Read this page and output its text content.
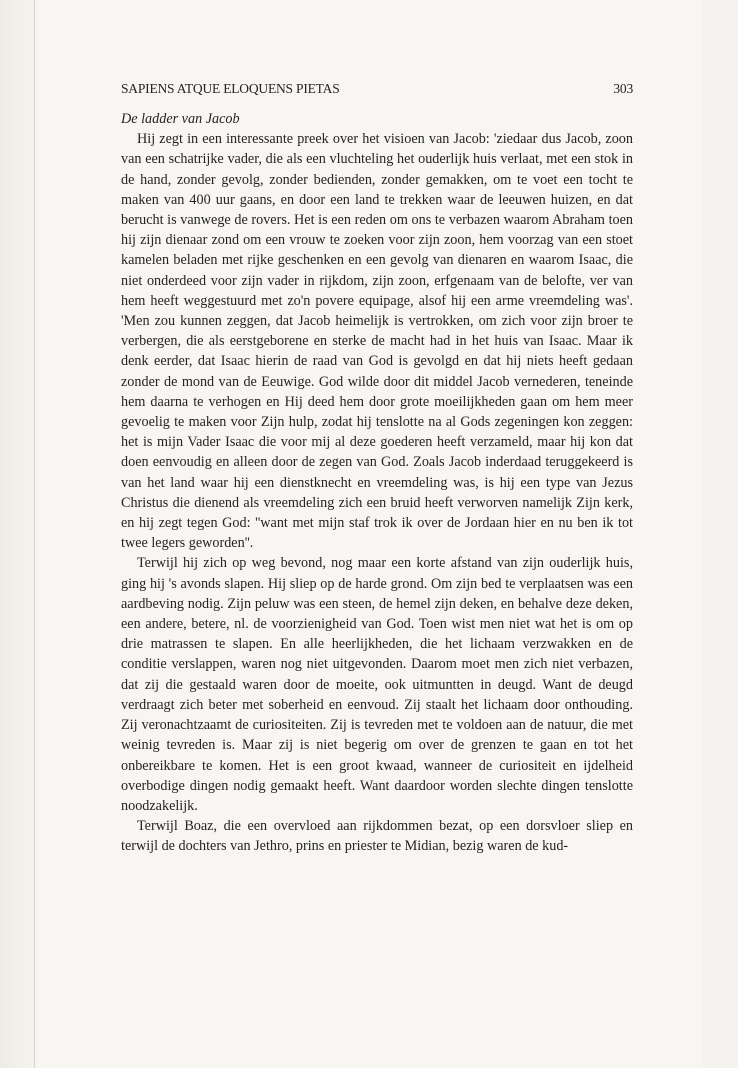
SAPIENS ATQUE ELOQUENS PIETAS	303

De ladder van Jacob

Hij zegt in een interessante preek over het visioen van Jacob: 'ziedaar dus Jacob, zoon van een schatrijke vader, die als een vluchteling het ouderlijk huis verlaat, met een stok in de hand, zonder gevolg, zonder bedienden, zonder gemakken, om te voet een tocht te maken van 400 uur gaans, en door een land te trekken waar de leeuwen huizen, en dat berucht is vanwege de rovers. Het is een reden om ons te verbazen waarom Abraham toen hij zijn dienaar zond om een vrouw te zoeken voor zijn zoon, hem voorzag van een stoet kamelen beladen met rijke geschenken en een gevolg van dienaren en waarom Isaac, die niet onderdeed voor zijn vader in rijkdom, zijn zoon, erfgenaam van de belofte, ver van hem heeft weggestuurd met zo'n povere equipage, alsof hij een arme vreemdeling was'. 'Men zou kunnen zeggen, dat Jacob heimelijk is vertrokken, om zich voor zijn broer te verbergen, die als eerstgeborene en sterke de macht had in het huis van Isaac. Maar ik denk eerder, dat Isaac hierin de raad van God is gevolgd en dat hij niets heeft gedaan zonder de mond van de Eeuwige. God wilde door dit middel Jacob vernederen, teneinde hem daarna te verhogen en Hij deed hem door grote moeilijkheden gaan om hem meer gevoelig te maken voor Zijn hulp, zodat hij tenslotte na al Gods zegeningen kon zeggen: het is mijn Vader Isaac die voor mij al deze goederen heeft verzameld, maar hij kon dat doen eenvoudig en alleen door de zegen van God. Zoals Jacob inderdaad teruggekeerd is van het land waar hij een dienstknecht en vreemdeling was, is hij een type van Jezus Christus die dienend als vreemdeling zich een bruid heeft verworven namelijk Zijn kerk, en hij zegt tegen God: ''want met mijn staf trok ik over de Jordaan hier en nu ben ik tot twee legers geworden''.

Terwijl hij zich op weg bevond, nog maar een korte afstand van zijn ouderlijk huis, ging hij 's avonds slapen. Hij sliep op de harde grond. Om zijn bed te verplaatsen was een aardbeving nodig. Zijn peluw was een steen, de hemel zijn deken, en behalve deze deken, een andere, betere, nl. de voorzienigheid van God. Toen wist men niet wat het is om op drie matrassen te slapen. En alle heerlijkheden, die het lichaam verzwakken en de conditie verslappen, waren nog niet uitgevonden. Daarom moet men zich niet verbazen, dat zij die gestaald waren door de moeite, ook uitmuntten in deugd. Want de deugd verdraagt zich beter met soberheid en eenvoud. Zij staalt het lichaam door onthouding. Zij veronachtzaamt de curiositeiten. Zij is tevreden met te voldoen aan de natuur, die met weinig tevreden is. Maar zij is niet begerig om over de grenzen te gaan en tot het onbereikbare te komen. Het is een groot kwaad, wanneer de curiositeit en ijdelheid overbodige dingen nodig gemaakt heeft. Want daardoor worden slechte dingen tenslotte noodzakelijk.

Terwijl Boaz, die een overvloed aan rijkdommen bezat, op een dorsvloer sliep en terwijl de dochters van Jethro, prins en priester te Midian, bezig waren de kud-
